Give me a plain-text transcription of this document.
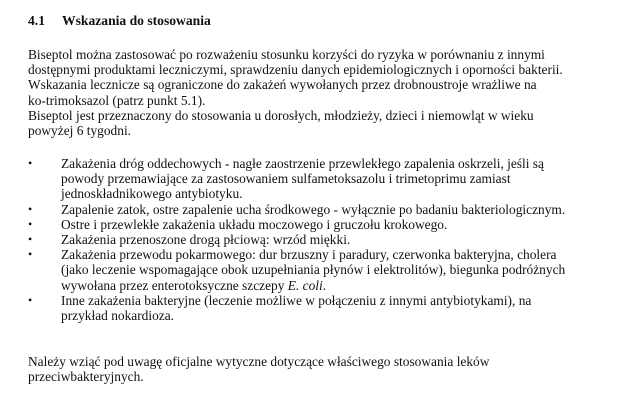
4.1 Wskazania do stosowania
Biseptol można zastosować po rozważeniu stosunku korzyści do ryzyka w porównaniu z innymi
dostępnymi produktami leczniczymi, sprawdzeniu danych epidemiologicznych i oporności bakterii.
Wskazania lecznicze są ograniczone do zakażeń wywołanych przez drobnoustroje wrażliwe na
ko-trimoksazol (patrz punkt 5.1).
Biseptol jest przeznaczony do stosowania u dorosłych, młodzieży, dzieci i niemowląt w wieku
powyżej 6 tygodni.
•	Zakażenia dróg oddechowych - nagłe zaostrzenie przewlekłego zapalenia oskrzeli, jeśli są
powody przemawiające za zastosowaniem sulfametoksazolu i trimetoprimu zamiast
jednoskładnikowego antybiotyku.
•	Zapalenie zatok, ostre zapalenie ucha środkowego - wyłącznie po badaniu bakteriologicznym.
•	Ostre i przewlekłe zakażenia układu moczowego i gruczołu krokowego.
•	Zakażenia przenoszone drogą płciową: wrzód miękki.
•	Zakażenia przewodu pokarmowego: dur brzuszny i paradury, czerwonka bakteryjna, cholera
(jako leczenie wspomagające obok uzupełniania płynów i elektrolitów), biegunka podróżnych
wywołana przez enterotoksyczne szczepy E. coli.
•	Inne zakażenia bakteryjne (leczenie możliwe w połączeniu z innymi antybiotykami), na
przykład nokardioza.
Należy wziąć pod uwagę oficjalne wytyczne dotyczące właściwego stosowania leków
przeciwbakteryjnych.
